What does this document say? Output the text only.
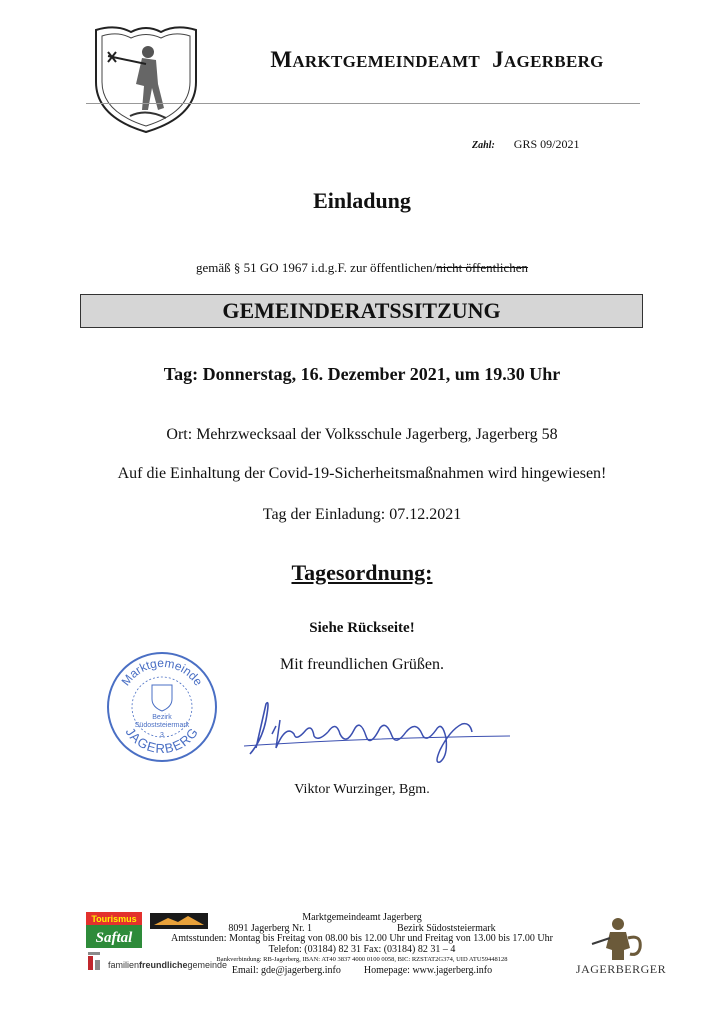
MARKTGEMEINDEAMT JAGERBERG
Zahl: GRS 09/2021
Einladung
gemäß § 51 GO 1967 i.d.g.F. zur öffentlichen/nicht öffentlichen
GEMEINDERATSSITZUNG
Tag: Donnerstag, 16. Dezember 2021, um 19.30 Uhr
Ort: Mehrzwecksaal der Volksschule Jagerberg, Jagerberg 58
Auf die Einhaltung der Covid-19-Sicherheitsmaßnahmen wird hingewiesen!
Tag der Einladung: 07.12.2021
Tagesordnung:
Siehe Rückseite!
Mit freundlichen Grüßen.
Marktgemeinde
JAGERBERG
Bezirk
Südoststeiermark
3
Viktor Wurzinger, Bgm.
Tourismus
Saftal
familienfreundlichegemeinde	JAGERBERGER
Marktgemeindeamt Jagerberg
8091 Jagerberg Nr. 1	Bezirk Südoststeiermark
Amtsstunden: Montag bis Freitag von 08.00 bis 12.00 Uhr und Freitag von 13.00 bis 17.00 Uhr
Telefon: (03184) 82 31 Fax: (03184) 82 31 – 4
Bankverbindung: RB-Jagerberg, IBAN: AT40 3837 4000 0100 0058, BIC: RZSTAT2G374, UID ATU59448128
Email: gde@jagerberg.info Homepage: www.jagerberg.info
